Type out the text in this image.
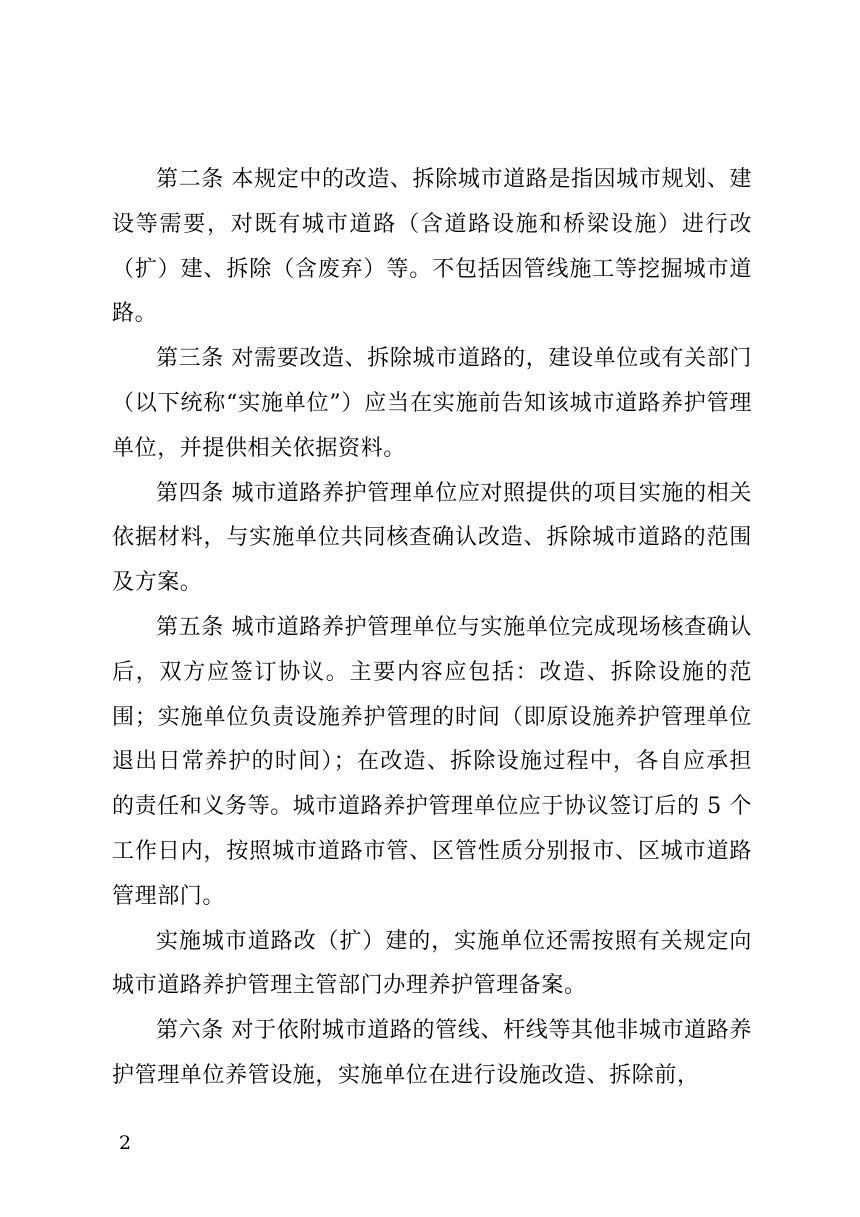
第二条 本规定中的改造、拆除城市道路是指因城市规划、建设等需要，对既有城市道路（含道路设施和桥梁设施）进行改（扩）建、拆除（含废弃）等。不包括因管线施工等挖掘城市道路。

第三条 对需要改造、拆除城市道路的，建设单位或有关部门（以下统称“实施单位”）应当在实施前告知该城市道路养护管理单位，并提供相关依据资料。

第四条 城市道路养护管理单位应对照提供的项目实施的相关依据材料，与实施单位共同核查确认改造、拆除城市道路的范围及方案。

第五条 城市道路养护管理单位与实施单位完成现场核查确认后，双方应签订协议。主要内容应包括：改造、拆除设施的范围；实施单位负责设施养护管理的时间（即原设施养护管理单位退出日常养护的时间）；在改造、拆除设施过程中，各自应承担的责任和义务等。城市道路养护管理单位应于协议签订后的 5 个工作日内，按照城市道路市管、区管性质分别报市、区城市道路管理部门。

实施城市道路改（扩）建的，实施单位还需按照有关规定向城市道路养护管理主管部门办理养护管理备案。

第六条 对于依附城市道路的管线、杆线等其他非城市道路养护管理单位养管设施，实施单位在进行设施改造、拆除前，

2
